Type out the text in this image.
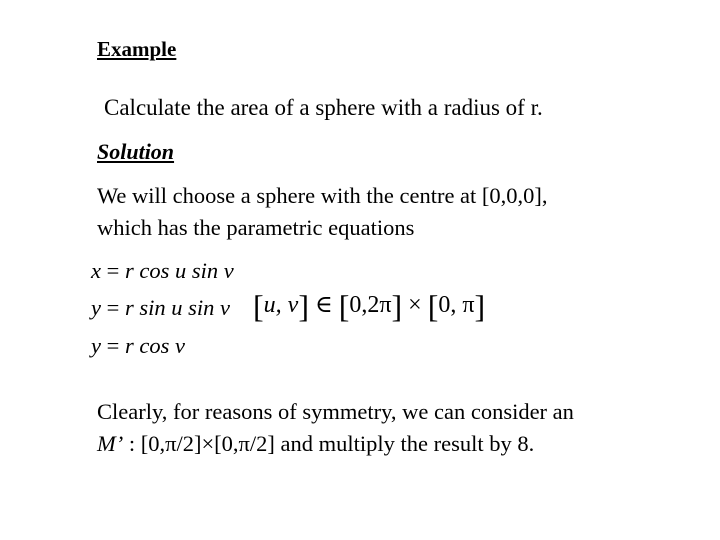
Example
Calculate the area of a sphere with a radius of r.
Solution
We will choose a sphere with the centre at [0,0,0],
which has the parametric equations
x = r cos u sin v
y = r sin u sin v
y = r cos v
[u, v] ∈ [0,2π] × [0, π]
Clearly, for reasons of symmetry, we can consider an
M’ : [0,π/2]×[0,π/2] and multiply the result by 8.
